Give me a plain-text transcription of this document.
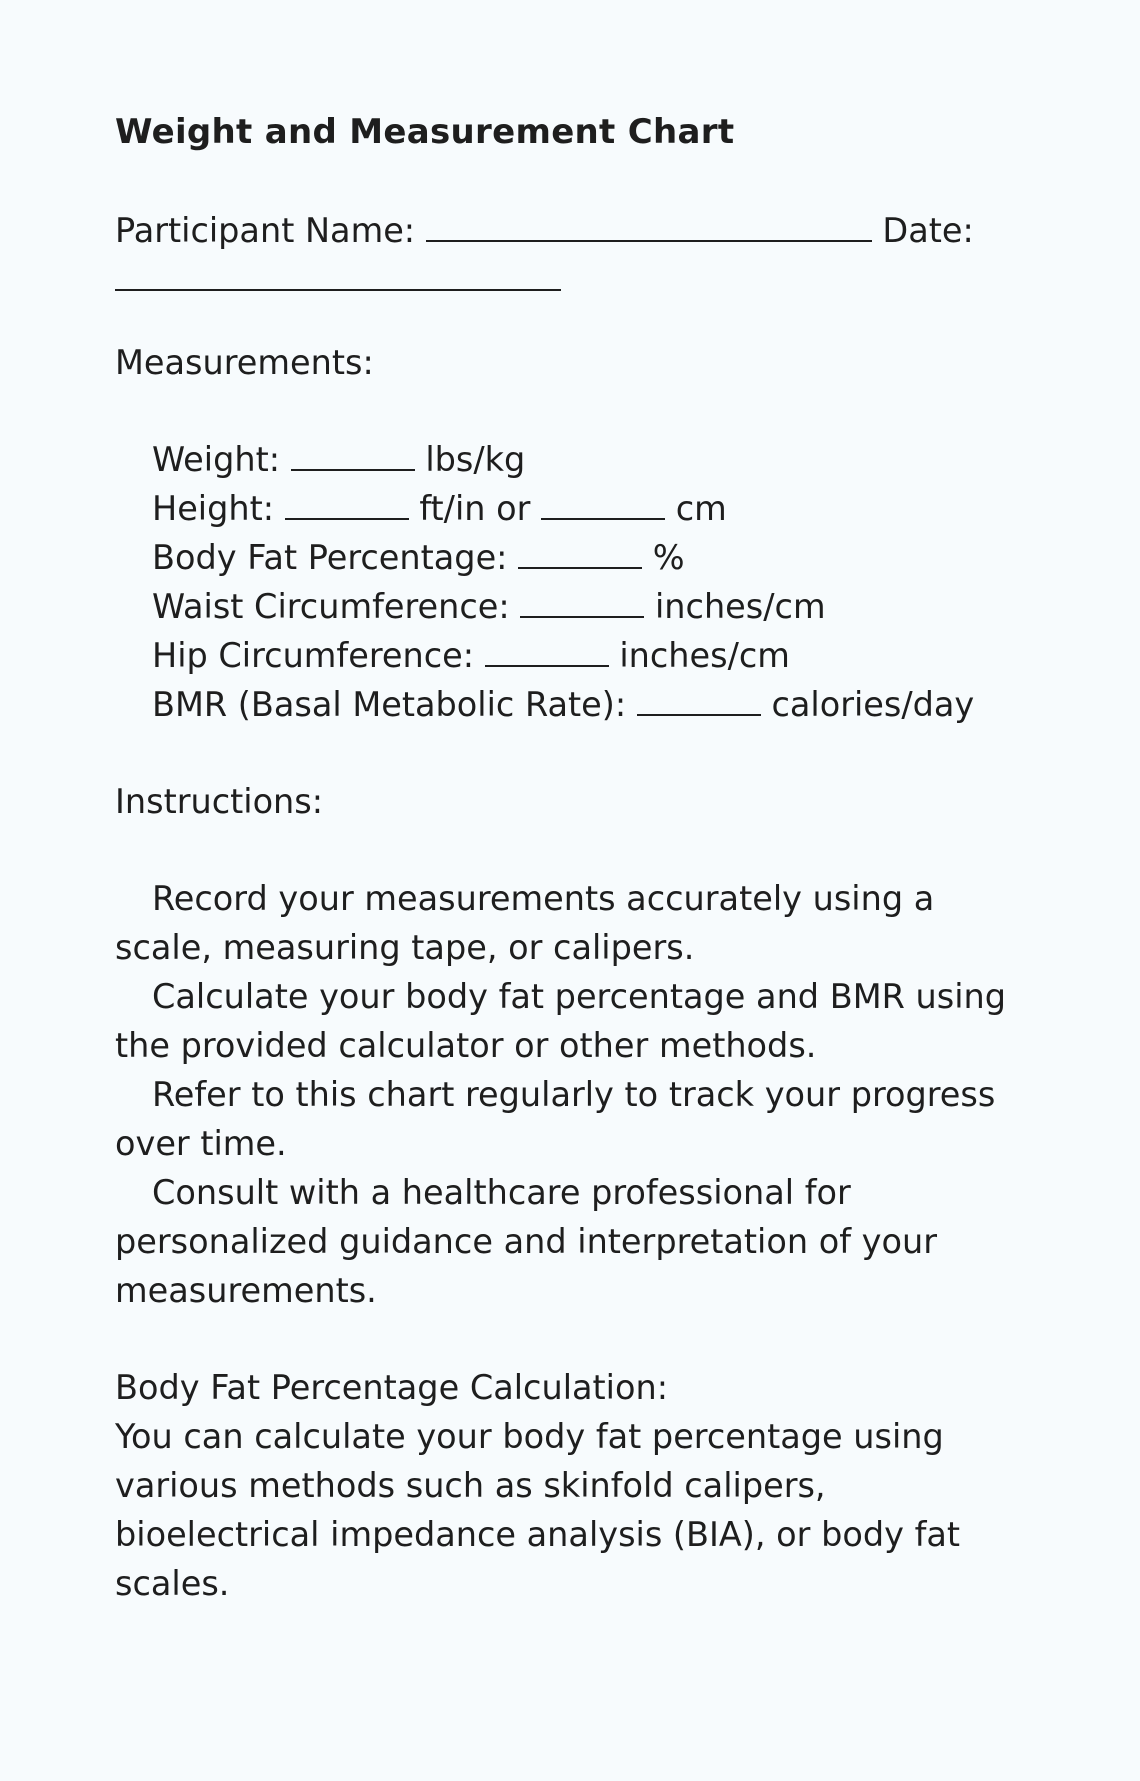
Weight and Measurement Chart

Participant Name:	Date:

Measurements:

Weight:	lbs/kg
Height:	ft/in or	cm
Body Fat Percentage:	%
Waist Circumference:	inches/cm
Hip Circumference:	inches/cm
BMR (Basal Metabolic Rate):	calories/day

Instructions:

Record your measurements accurately using a scale, measuring tape, or calipers.

Calculate your body fat percentage and BMR using the provided calculator or other methods.

Refer to this chart regularly to track your progress over time.

Consult with a healthcare professional for personalized guidance and interpretation of your measurements.

Body Fat Percentage Calculation:

You can calculate your body fat percentage using various methods such as skinfold calipers, bioelectrical impedance analysis (BIA), or body fat scales.
